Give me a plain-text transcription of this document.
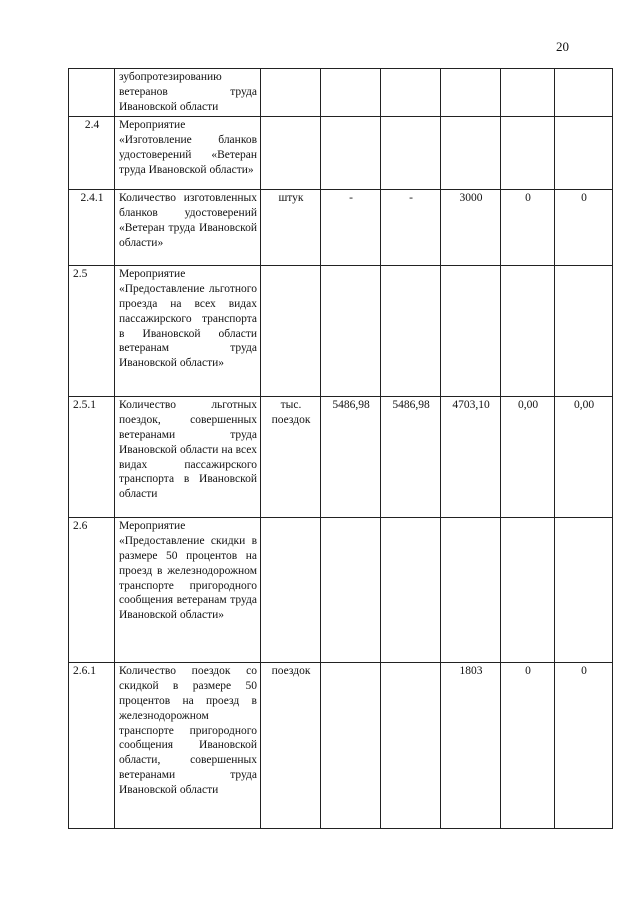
20
	зубопротезированию ветеранов труда Ивановской области						
2.4	Мероприятие «Изготовление бланков удостоверений «Ветеран труда Ивановской области»						
2.4.1	Количество изготовленных бланков удостоверений «Ветеран труда Ивановской области»	штук	-	-	3000	0	0
2.5	Мероприятие «Предоставление льготного проезда на всех видах пассажирского транспорта в Ивановской области ветеранам труда Ивановской области»						
2.5.1	Количество льготных поездок, совершенных ветеранами труда Ивановской области на всех видах пассажирского транспорта в Ивановской области	тыс. поездок	5486,98	5486,98	4703,10	0,00	0,00
2.6	Мероприятие «Предоставление скидки в размере 50 процентов на проезд в железнодорожном транспорте пригородного сообщения ветеранам труда Ивановской области»						
2.6.1	Количество поездок со скидкой в размере 50 процентов на проезд в железнодорожном транспорте пригородного сообщения Ивановской области, совершенных ветеранами труда Ивановской области	поездок			1803	0	0
